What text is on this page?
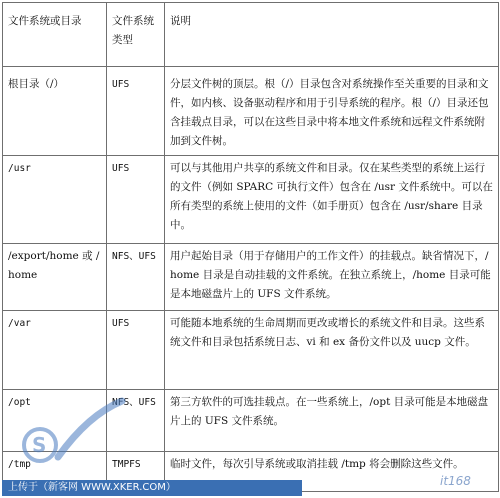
文件系统或目录	文件系统类型	说明
根目录（/）	UFS	分层文件树的顶层。根（/）目录包含对系统操作至关重要的目录和文件，如内核、设备驱动程序和用于引导系统的程序。根（/）目录还包含挂载点目录，可以在这些目录中将本地文件系统和远程文件系统附加到文件树。
/usr	UFS	可以与其他用户共享的系统文件和目录。仅在某些类型的系统上运行的文件（例如 SPARC 可执行文件）包含在 /usr 文件系统中。可以在所有类型的系统上使用的文件（如手册页）包含在 /usr/share 目录中。
/export/home 或 /home	NFS、UFS	用户起始目录（用于存储用户的工作文件）的挂载点。缺省情况下，/home 目录是自动挂载的文件系统。在独立系统上，/home 目录可能是本地磁盘片上的 UFS 文件系统。
/var	UFS	可能随本地系统的生命周期而更改或增长的系统文件和目录。这些系统文件和目录包括系统日志、vi 和 ex 备份文件以及 uucp 文件。
/opt	NFS、UFS	第三方软件的可选挂载点。在一些系统上，/opt 目录可能是本地磁盘片上的 UFS 文件系统。
/tmp	TMPFS	临时文件，每次引导系统或取消挂载 /tmp 将会删除这些文件。
S
上传于（新客网 WWW.XKER.COM）	it168
